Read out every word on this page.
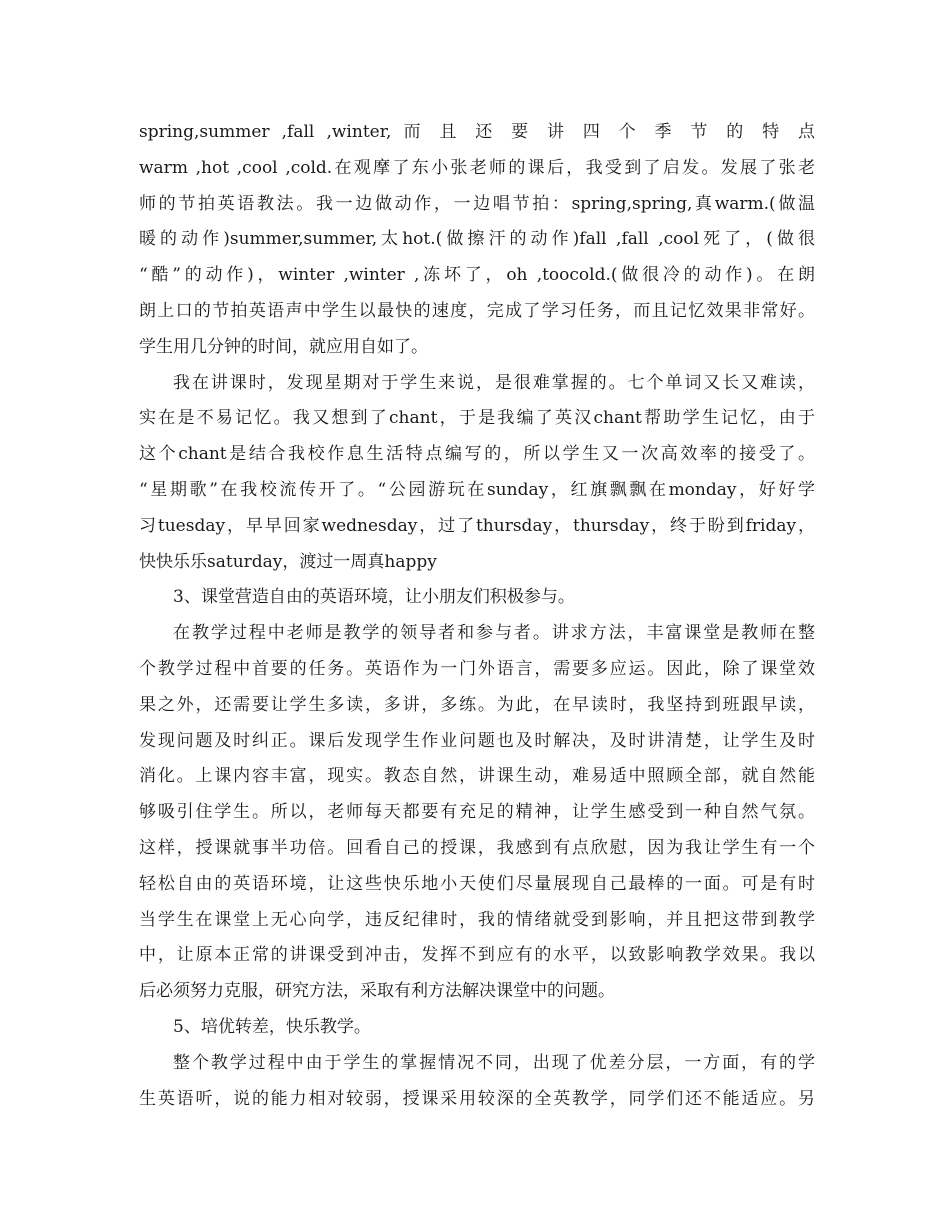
spring,summer ,fall ,winter, 而 且 还 要 讲 四 个 季 节 的 特 点
warm ,hot ,cool ,cold.在观摩了东小张老师的课后，我受到了启发。发展了张老
师的节拍英语教法。我一边做动作，一边唱节拍：spring,spring,真warm.(做温
暖的动作)summer,summer,太hot.(做擦汗的动作)fall ,fall ,cool死了，(做很
“酷”的动作)，winter ,winter ,冻坏了，oh ,toocold.(做很冷的动作)。在朗
朗上口的节拍英语声中学生以最快的速度，完成了学习任务，而且记忆效果非常好。
学生用几分钟的时间，就应用自如了。
我在讲课时，发现星期对于学生来说，是很难掌握的。七个单词又长又难读，
实在是不易记忆。我又想到了chant，于是我编了英汉chant帮助学生记忆，由于
这个chant是结合我校作息生活特点编写的，所以学生又一次高效率的接受了。
“星期歌”在我校流传开了。“公园游玩在sunday，红旗飘飘在monday，好好学
习tuesday，早早回家wednesday，过了thursday，thursday，终于盼到friday，
快快乐乐saturday，渡过一周真happy
3、课堂营造自由的英语环境，让小朋友们积极参与。
在教学过程中老师是教学的领导者和参与者。讲求方法，丰富课堂是教师在整
个教学过程中首要的任务。英语作为一门外语言，需要多应运。因此，除了课堂效
果之外，还需要让学生多读，多讲，多练。为此，在早读时，我坚持到班跟早读，
发现问题及时纠正。课后发现学生作业问题也及时解决，及时讲清楚，让学生及时
消化。上课内容丰富，现实。教态自然，讲课生动，难易适中照顾全部，就自然能
够吸引住学生。所以，老师每天都要有充足的精神，让学生感受到一种自然气氛。
这样，授课就事半功倍。回看自己的授课，我感到有点欣慰，因为我让学生有一个
轻松自由的英语环境，让这些快乐地小天使们尽量展现自己最棒的一面。可是有时
当学生在课堂上无心向学，违反纪律时，我的情绪就受到影响，并且把这带到教学
中，让原本正常的讲课受到冲击，发挥不到应有的水平，以致影响教学效果。我以
后必须努力克服，研究方法，采取有利方法解决课堂中的问题。
5、培优转差，快乐教学。
整个教学过程中由于学生的掌握情况不同，出现了优差分层，一方面，有的学
生英语听，说的能力相对较弱，授课采用较深的全英教学，同学们还不能适应。另
